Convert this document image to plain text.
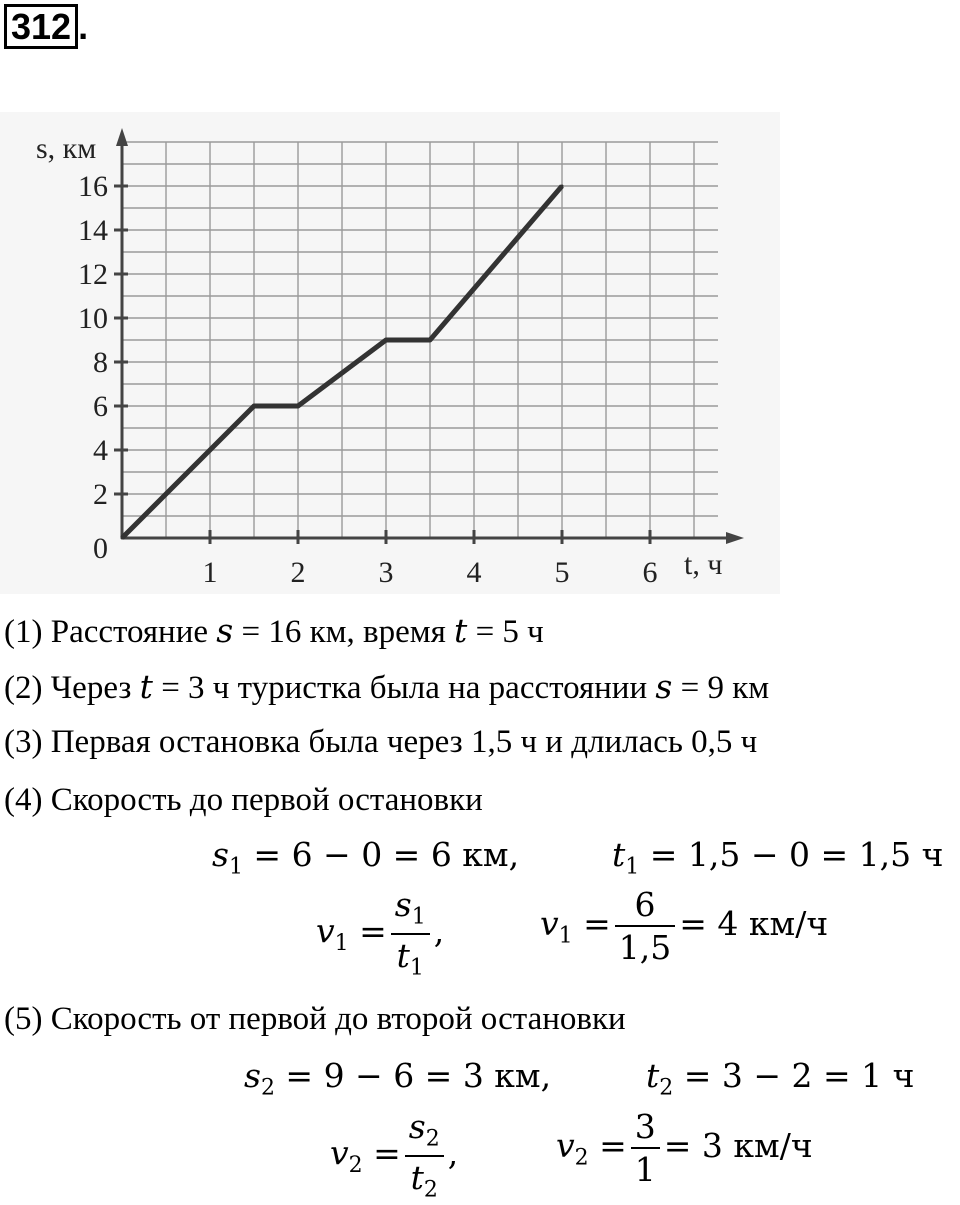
312 .
1 2 3 4 5 6
2
4
6
8
10
12
14
16
0
s, км
t, ч
(1) Расстояние s = 16 км, время t = 5 ч
(2) Через t = 3 ч туристка была на расстоянии s = 9 км
(3) Первая остановка была через 1,5 ч и длилась 0,5 ч
(4) Скорость до первой остановки
$s_1 = 6 - 0 = 6$ км,	$t_1 = 1,5 - 0 = 1,5$ ч
$v_1 = \frac{s_1}{t_1}$ ,	$v_1 = \frac{6}{1,5} = 4$ км/ч
(5) Скорость от первой до второй остановки
$s_2 = 9 - 6 = 3$ км,	$t_2 = 3 - 2 = 1$ ч
$v_2 = \frac{s_2}{t_2}$ ,	$v_2 = \frac{3}{1} = 3$ км/ч
